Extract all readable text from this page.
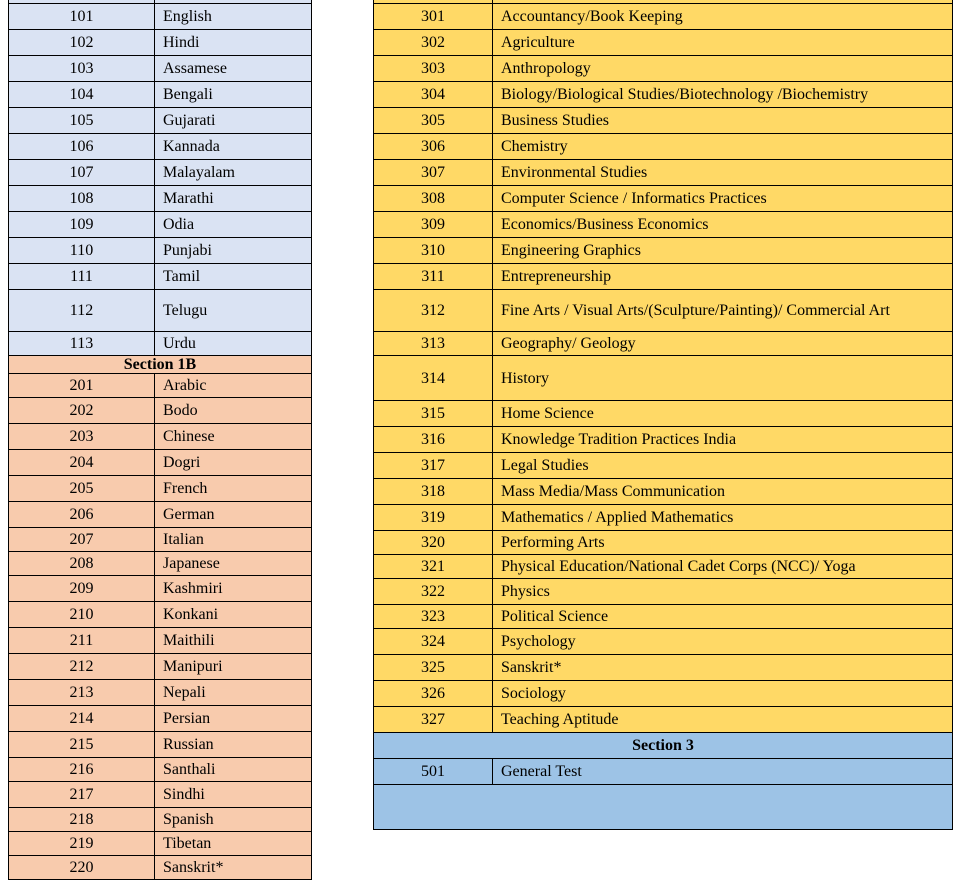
101	English
102	Hindi
103	Assamese
104	Bengali
105	Gujarati
106	Kannada
107	Malayalam
108	Marathi
109	Odia
110	Punjabi
111	Tamil
112	Telugu
113	Urdu
Section 1B	
201	Arabic
202	Bodo
203	Chinese
204	Dogri
205	French
206	German
207	Italian
208	Japanese
209	Kashmiri
210	Konkani
211	Maithili
212	Manipuri
213	Nepali
214	Persian
215	Russian
216	Santhali
217	Sindhi
218	Spanish
219	Tibetan
220	Sanskrit*

301	Accountancy/Book Keeping
302	Agriculture
303	Anthropology
304	Biology/Biological Studies/Biotechnology /Biochemistry
305	Business Studies
306	Chemistry
307	Environmental Studies
308	Computer Science / Informatics Practices
309	Economics/Business Economics
310	Engineering Graphics
311	Entrepreneurship
312	Fine Arts / Visual Arts/(Sculpture/Painting)/ Commercial Art
313	Geography/ Geology
314	History
315	Home Science
316	Knowledge Tradition Practices India
317	Legal Studies
318	Mass Media/Mass Communication
319	Mathematics / Applied Mathematics
320	Performing Arts
321	Physical Education/National Cadet Corps (NCC)/ Yoga
322	Physics
323	Political Science
324	Psychology
325	Sanskrit*
326	Sociology
327	Teaching Aptitude
Section 3	
501	General Test
